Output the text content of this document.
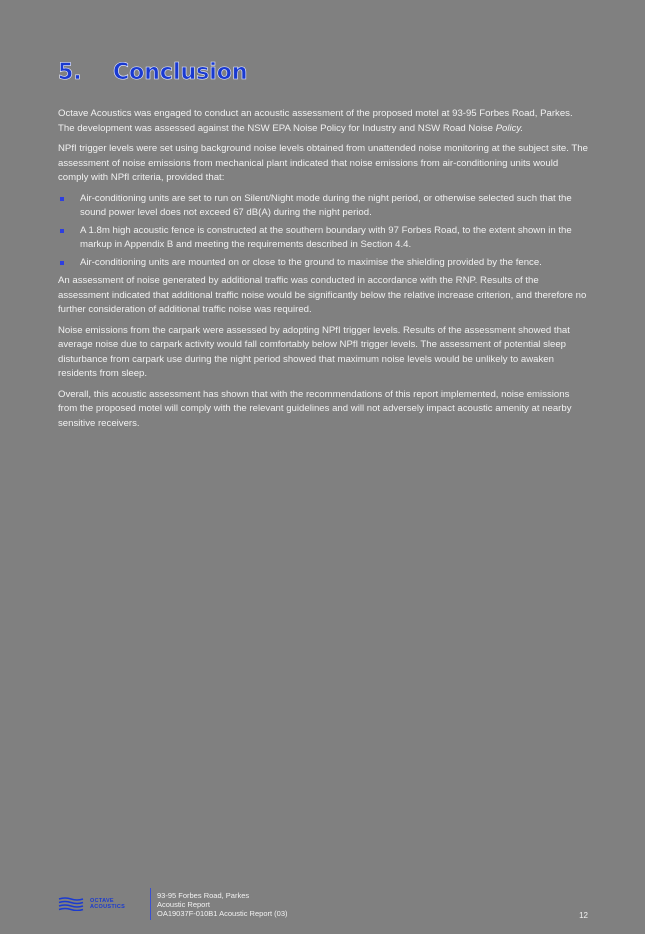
5.	Conclusion

Octave Acoustics was engaged to conduct an acoustic assessment of the proposed motel at 93-95 Forbes Road, Parkes. The development was assessed against the NSW EPA Noise Policy for Industry and NSW Road Noise Policy.

NPfI trigger levels were set using background noise levels obtained from unattended noise monitoring at the subject site. The assessment of noise emissions from mechanical plant indicated that noise emissions from air-conditioning units would comply with NPfI criteria, provided that:

Air-conditioning units are set to run on Silent/Night mode during the night period, or otherwise selected such that the sound power level does not exceed 67 dB(A) during the night period.
A 1.8m high acoustic fence is constructed at the southern boundary with 97 Forbes Road, to the extent shown in the markup in Appendix B and meeting the requirements described in Section 4.4.
Air-conditioning units are mounted on or close to the ground to maximise the shielding provided by the fence.

An assessment of noise generated by additional traffic was conducted in accordance with the RNP. Results of the assessment indicated that additional traffic noise would be significantly below the relative increase criterion, and therefore no further consideration of additional traffic noise was required.

Noise emissions from the carpark were assessed by adopting NPfI trigger levels. Results of the assessment showed that average noise due to carpark activity would fall comfortably below NPfI trigger levels. The assessment of potential sleep disturbance from carpark use during the night period showed that maximum noise levels would be unlikely to awaken residents from sleep.

Overall, this acoustic assessment has shown that with the recommendations of this report implemented, noise emissions from the proposed motel will comply with the relevant guidelines and will not adversely impact acoustic amenity at nearby sensitive receivers.

OCTAVE
ACOUSTICS
93-95 Forbes Road, Parkes
Acoustic Report
OA19037F-010B1 Acoustic Report (03)	12
